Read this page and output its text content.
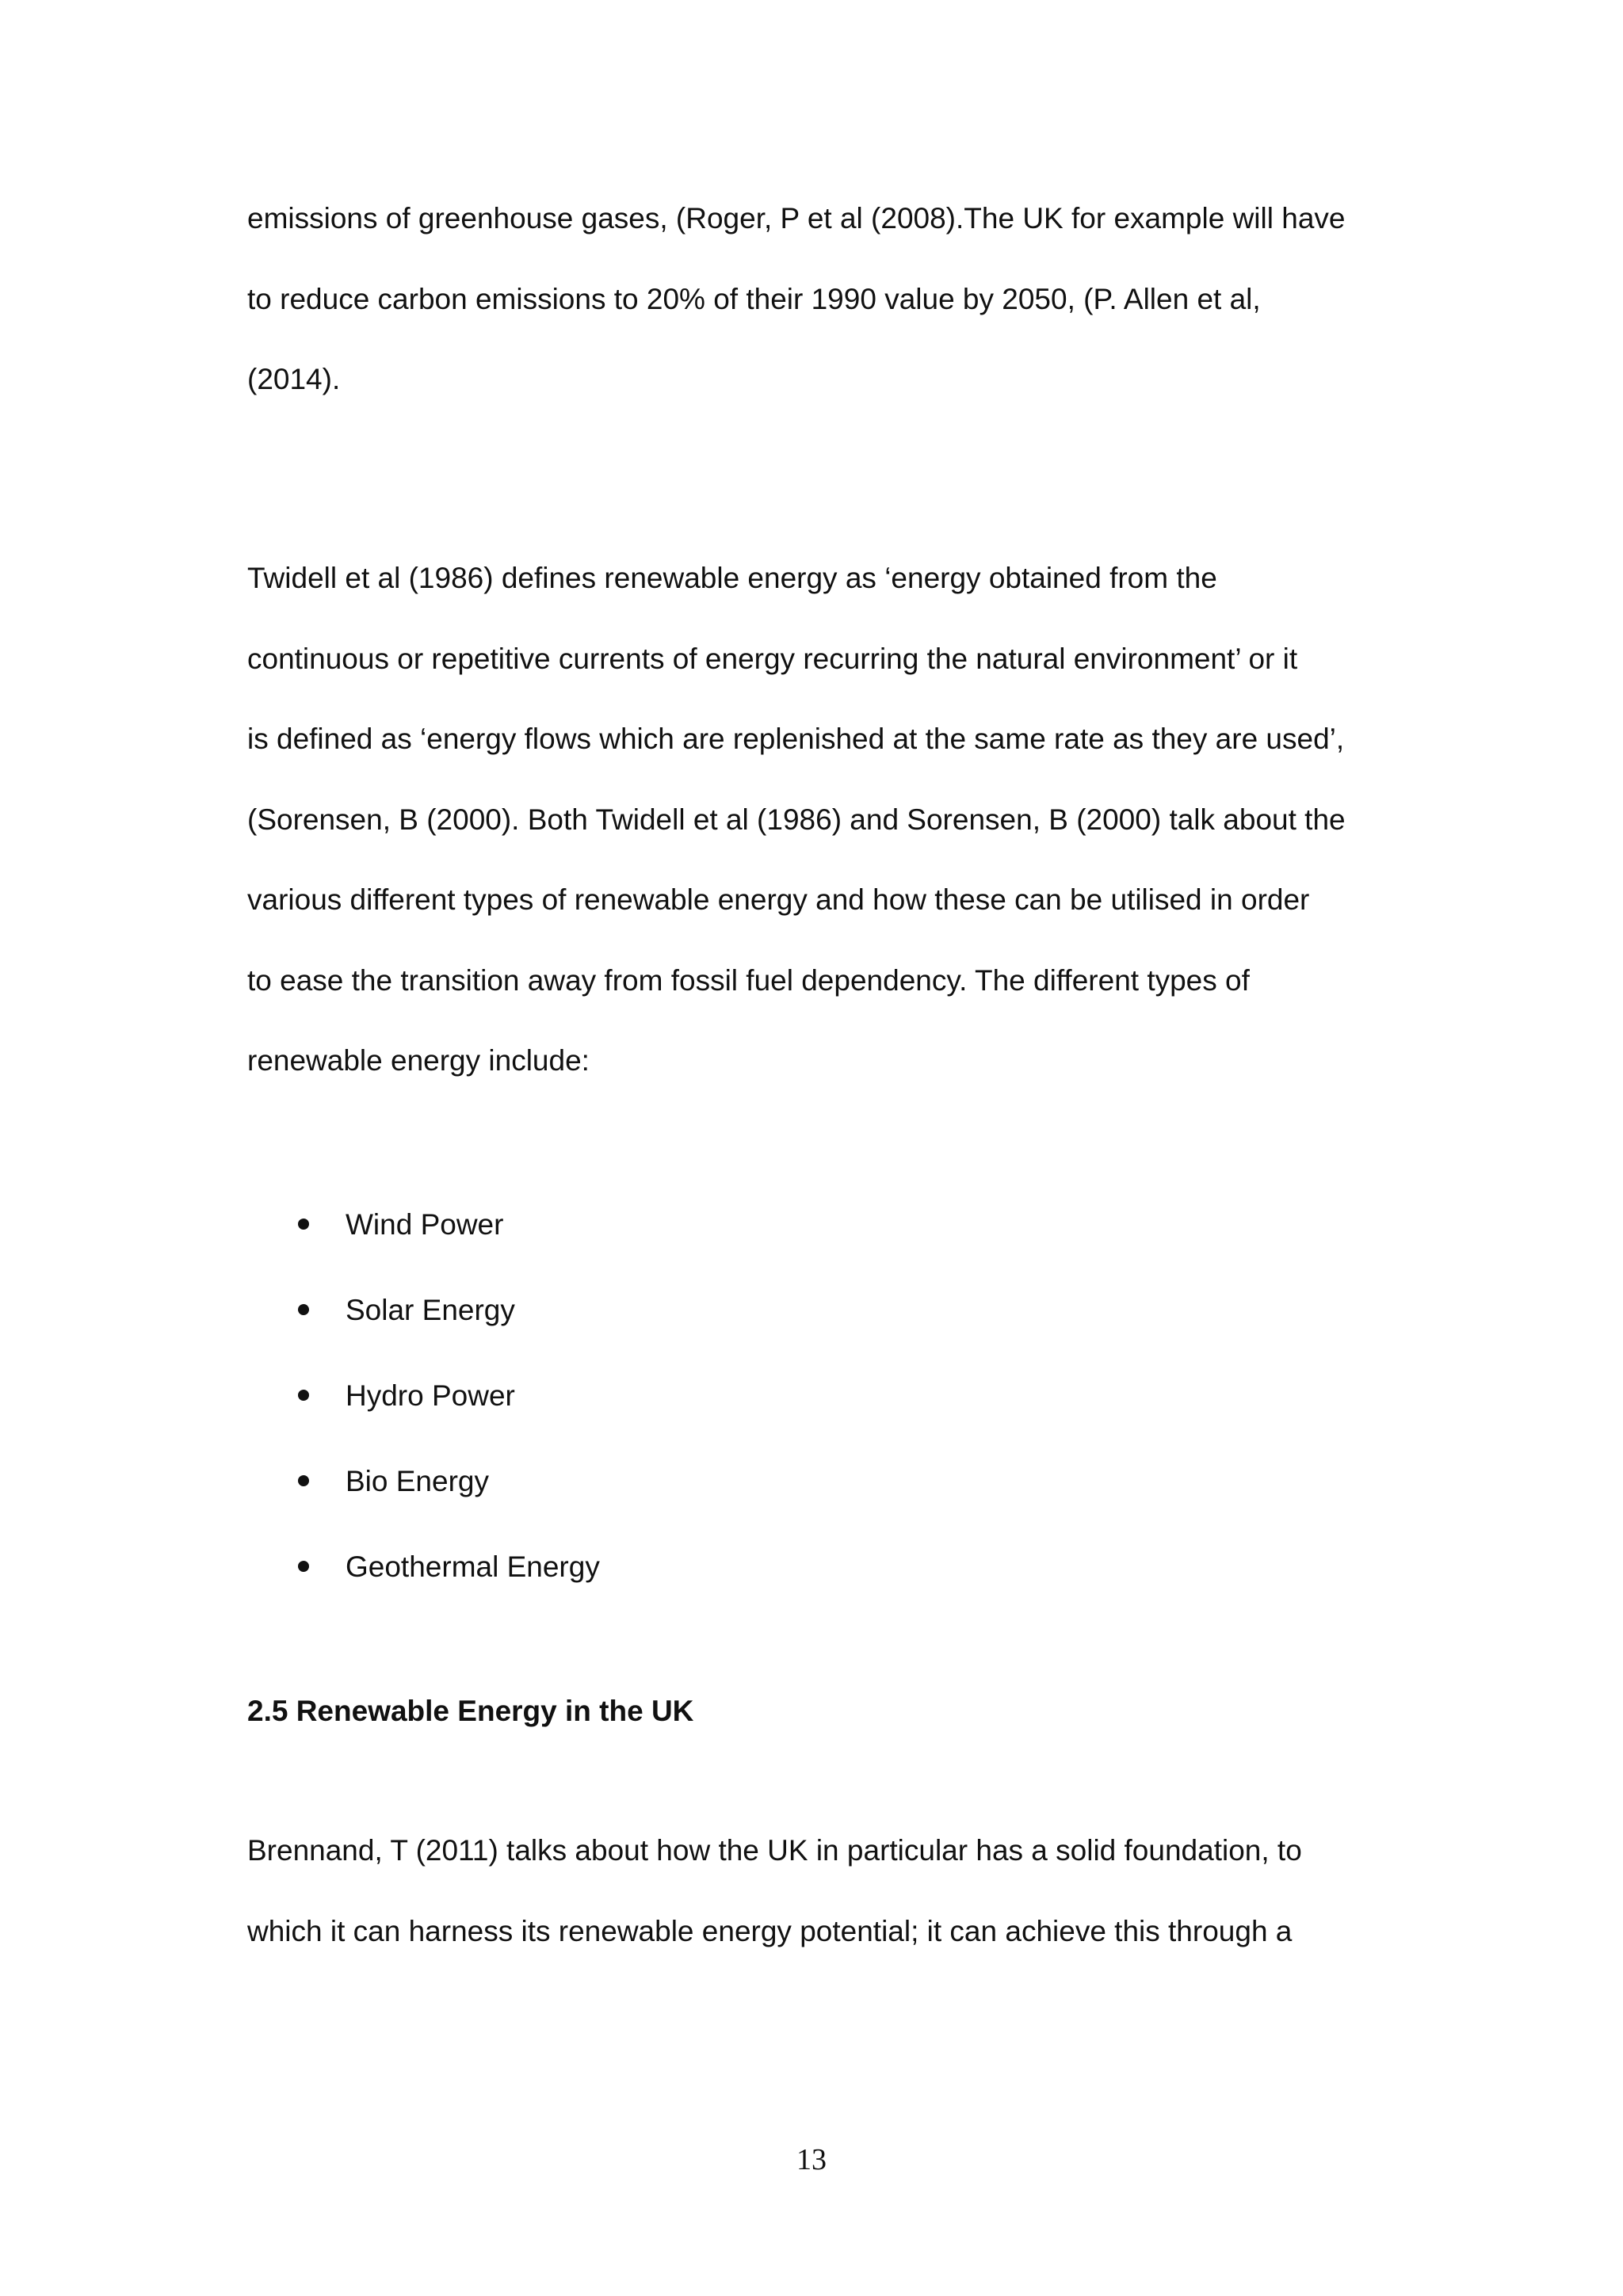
emissions of greenhouse gases, (Roger, P et al (2008).The UK for example will have

to reduce carbon emissions to 20% of their 1990 value by 2050, (P. Allen et al,

(2014).

Twidell et al (1986) defines renewable energy as ‘energy obtained from the

continuous or repetitive currents of energy recurring the natural environment’ or it

is defined as ‘energy flows which are replenished at the same rate as they are used’,

(Sorensen, B (2000). Both Twidell et al (1986) and Sorensen, B (2000) talk about the

various different types of renewable energy and how these can be utilised in order

to ease the transition away from fossil fuel dependency. The different types of

renewable energy include:

Wind Power

Solar Energy

Hydro Power

Bio Energy

Geothermal Energy

2.5 Renewable Energy in the UK

Brennand, T (2011) talks about how the UK in particular has a solid foundation, to

which it can harness its renewable energy potential; it can achieve this through a

13
